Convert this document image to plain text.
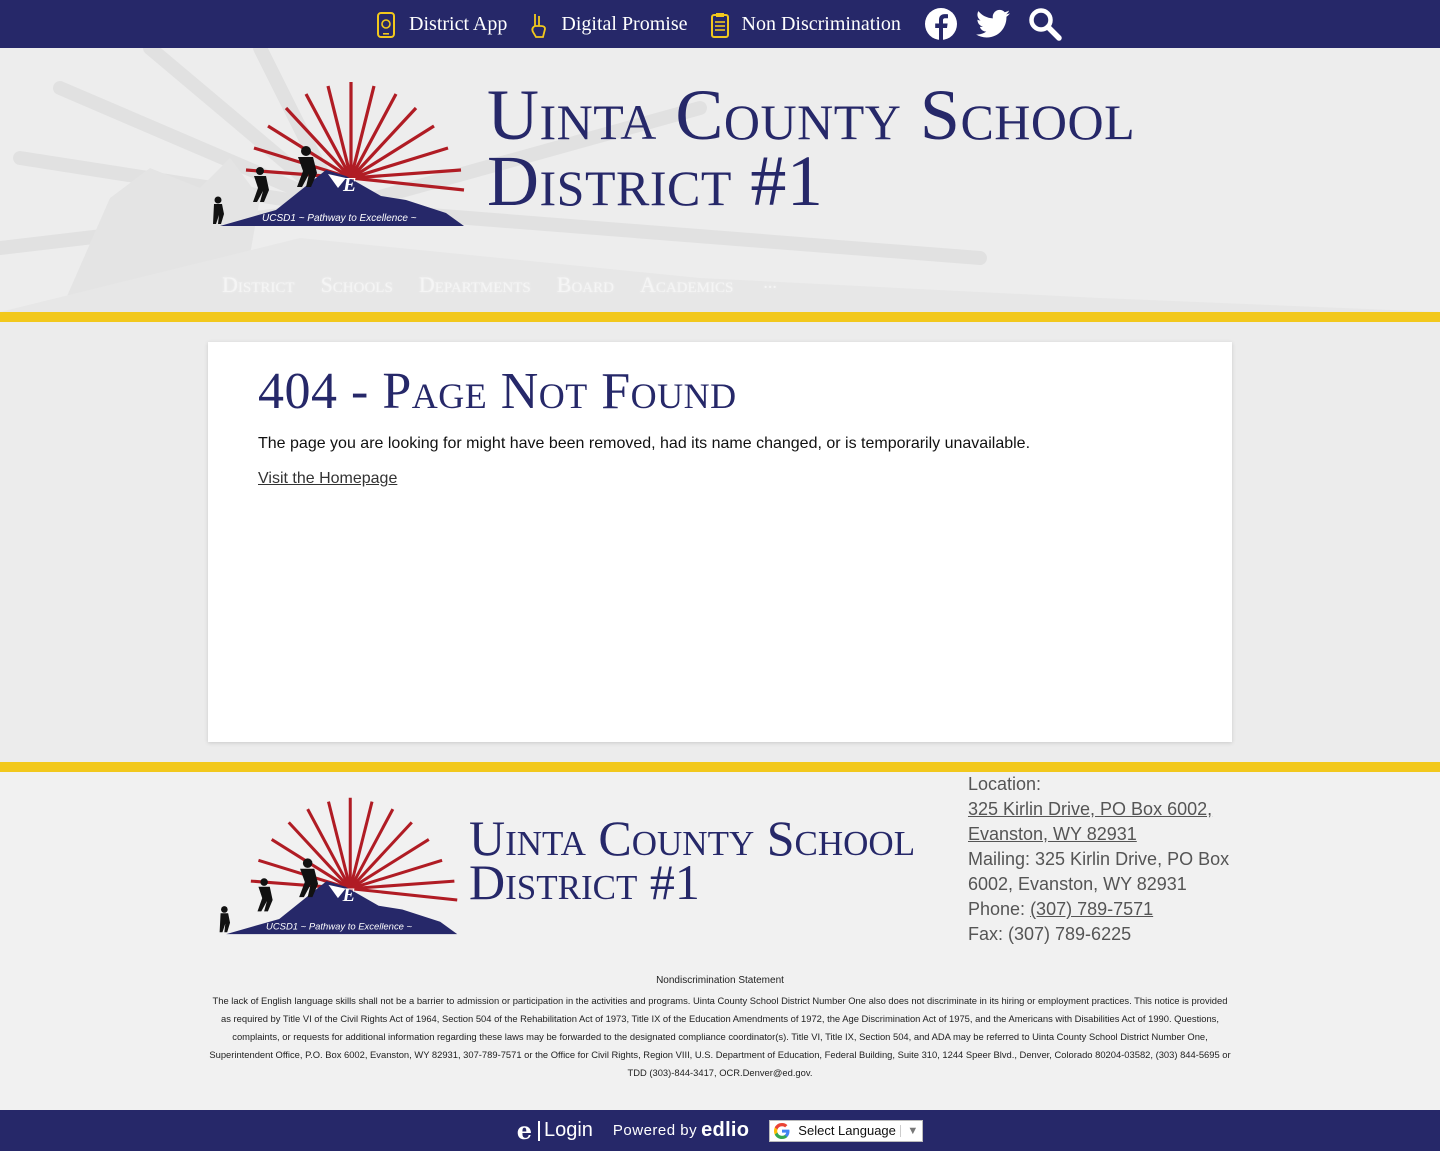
District App	Digital Promise	Non Discrimination
E
UCSD1 ~ Pathway to Excellence ~
Uinta County School
District #1
District Schools Departments Board Academics ...
404 - Page Not Found
The page you are looking for might have been removed, had its name changed, or is temporarily unavailable.
Visit the Homepage
E
UCSD1 ~ Pathway to Excellence ~
Uinta County School
District #1
Location:
325 Kirlin Drive, PO Box 6002,
Evanston, WY 82931
Mailing: 325 Kirlin Drive, PO Box
6002, Evanston, WY 82931
Phone: (307) 789-7571
Fax: (307) 789-6225
Nondiscrimination Statement
The lack of English language skills shall not be a barrier to admission or participation in the activities and programs. Uinta County School District Number One also does not discriminate in its hiring or employment practices. This notice is provided as required by Title VI of the Civil Rights Act of 1964, Section 504 of the Rehabilitation Act of 1973, Title IX of the Education Amendments of 1972, the Age Discrimination Act of 1975, and the Americans with Disabilities Act of 1990. Questions, complaints, or requests for additional information regarding these laws may be forwarded to the designated compliance coordinator(s). Title VI, Title IX, Section 504, and ADA may be referred to Uinta County School District Number One, Superintendent Office, P.O. Box 6002, Evanston, WY 82931, 307-789-7571 or the Office for Civil Rights, Region VIII, U.S. Department of Education, Federal Building, Suite 310, 1244 Speer Blvd., Denver, Colorado 80204-03582, (303) 844-5695 or TDD (303)-844-3417, OCR.Denver@ed.gov.
e Login Powered by edlio	Select Language	▼
